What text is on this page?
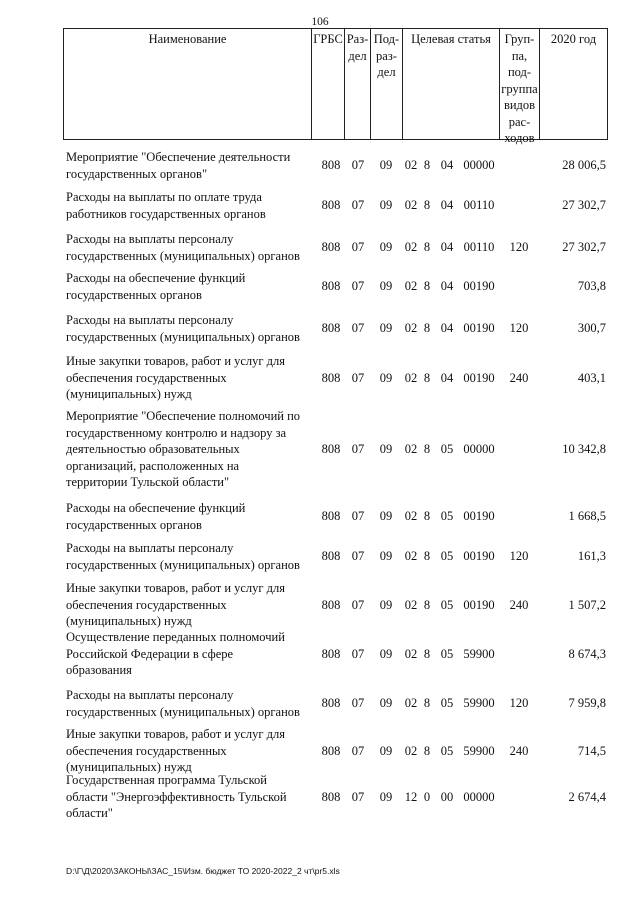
106
Наименование	ГРБС Раз-
дел
Под-
раз-
дел
Целевая статья	Груп-
па,
под-
группа
видов
рас-
ходов
2020 год
Мероприятие "Обеспечение деятельности
государственных органов"
808 07	09	02 8 04 00000	28 006,5
Расходы на выплаты по оплате труда
работников государственных органов
808 07	09	02 8 04 00110	27 302,7
Расходы на выплаты персоналу
государственных (муниципальных) органов
808 07	09	02 8 04 00110	120	27 302,7
Расходы на обеспечение функций
государственных органов
808 07	09	02 8 04 00190	703,8
Расходы на выплаты персоналу
государственных (муниципальных) органов
808 07	09	02 8 04 00190	120	300,7
Иные закупки товаров, работ и услуг для
обеспечения государственных
(муниципальных) нужд
808 07	09	02 8 04 00190	240	403,1
Мероприятие "Обеспечение полномочий по
государственному контролю и надзору за
деятельностью образовательных
организаций, расположенных на
территории Тульской области"
808 07	09	02 8 05 00000	10 342,8
Расходы на обеспечение функций
государственных органов
808 07	09	02 8 05 00190	1 668,5
Расходы на выплаты персоналу
государственных (муниципальных) органов
808 07	09	02 8 05 00190	120	161,3
Иные закупки товаров, работ и услуг для
обеспечения государственных
(муниципальных) нужд
808 07	09	02 8 05 00190	240	1 507,2
Осуществление переданных полномочий
Российской Федерации в сфере
образования
808 07	09	02 8 05 59900	8 674,3
Расходы на выплаты персоналу
государственных (муниципальных) органов
808 07	09	02 8 05 59900	120	7 959,8
Иные закупки товаров, работ и услуг для
обеспечения государственных
(муниципальных) нужд
808 07	09	02 8 05 59900	240	714,5
Государственная программа Тульской
области "Энергоэффективность Тульской
области"
808 07	09	12 0 00 00000	2 674,4
D:\Г\Д\2020\ЗАКОНЫ\ЗАС_15\Изм. бюджет ТО 2020-2022_2 чт\pr5.xls
